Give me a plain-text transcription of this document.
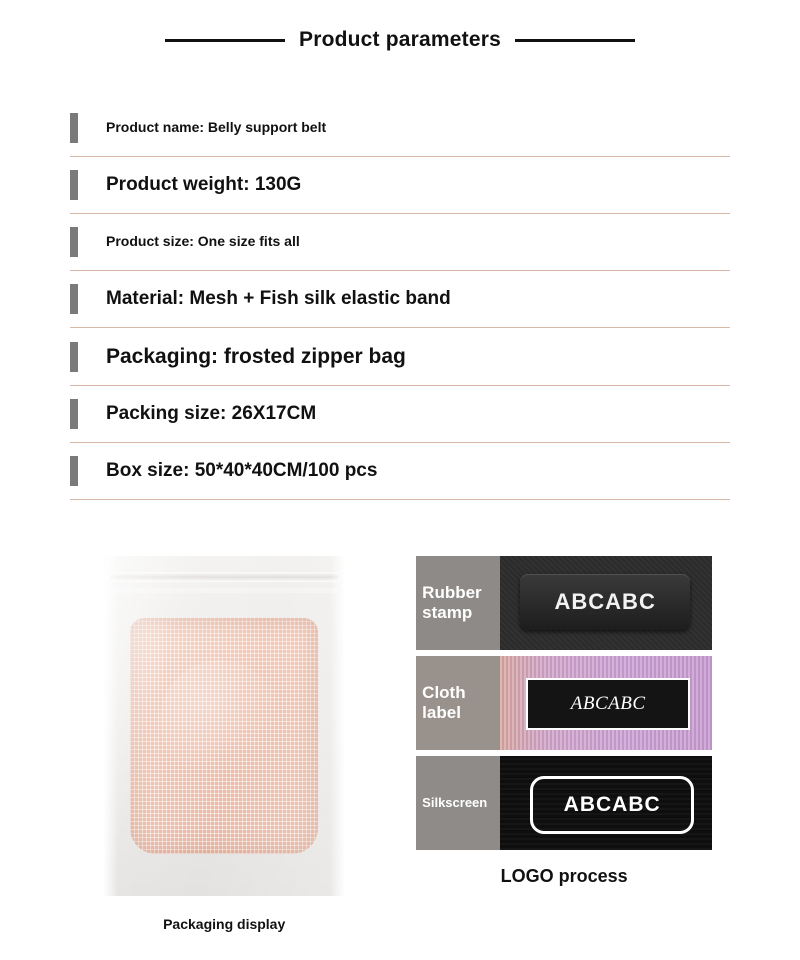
Product parameters
Product name: Belly support belt
Product weight: 130G
Product size: One size fits all
Material: Mesh + Fish silk elastic band
Packaging: frosted zipper bag
Packing size: 26X17CM
Box size: 50*40*40CM/100 pcs
Packaging display
Rubber stamp	ABCABC
Cloth label	ABCABC
Silkscreen	ABCABC
LOGO process
